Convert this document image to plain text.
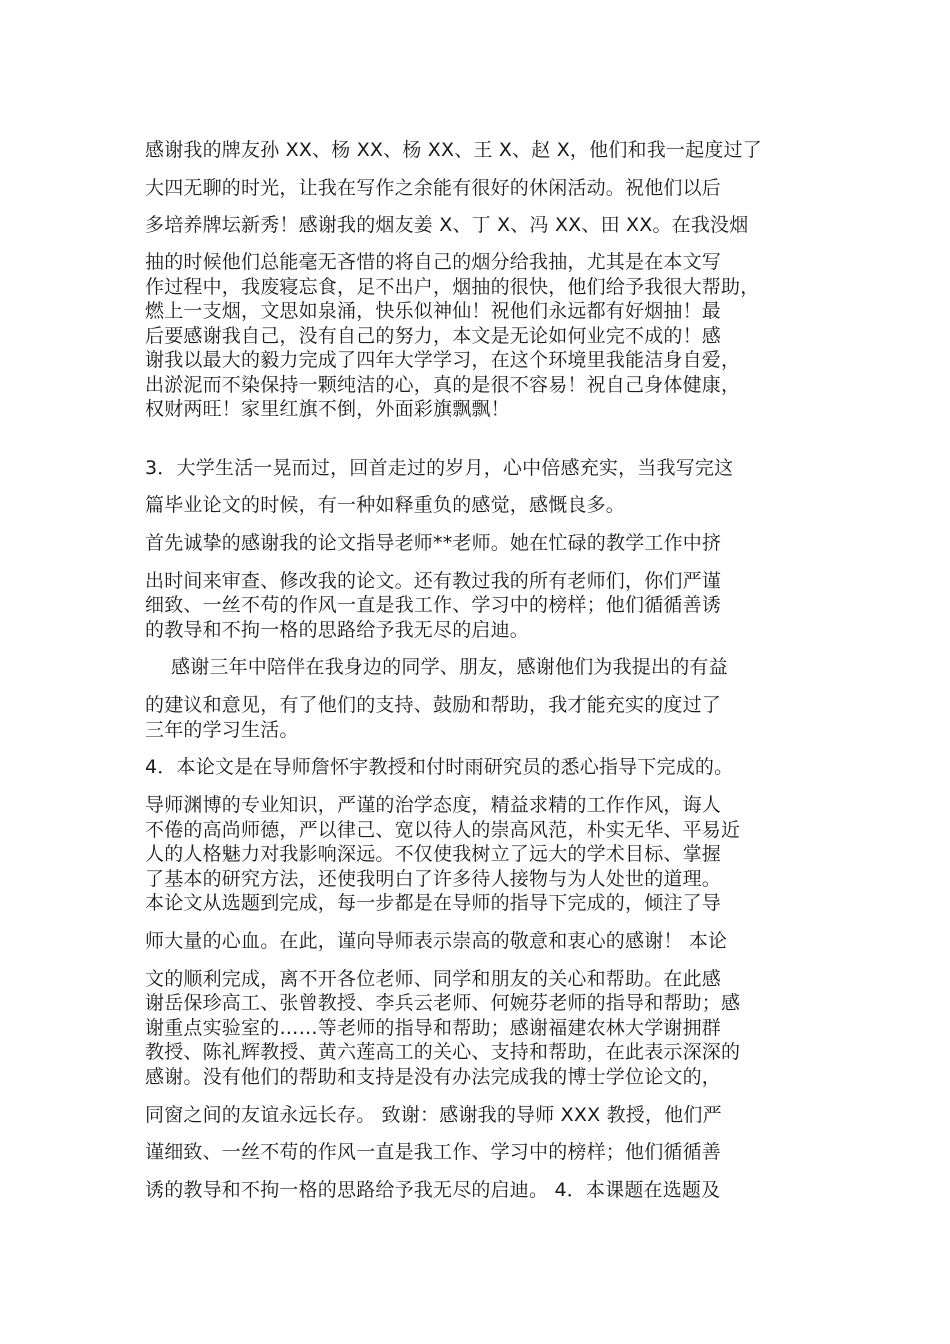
感谢我的牌友孙 XX、杨 XX、杨 XX、王 X、赵 X，他们和我一起度过了
大四无聊的时光，让我在写作之余能有很好的休闲活动。祝他们以后
多培养牌坛新秀！感谢我的烟友姜 X、丁 X、冯 XX、田 XX。在我没烟
抽的时候他们总能毫无吝惜的将自己的烟分给我抽，尤其是在本文写
作过程中，我废寝忘食，足不出户，烟抽的很快，他们给予我很大帮助，
燃上一支烟，文思如泉涌，快乐似神仙！祝他们永远都有好烟抽！最
后要感谢我自己，没有自己的努力，本文是无论如何业完不成的！感
谢我以最大的毅力完成了四年大学学习，在这个环境里我能洁身自爱，
出淤泥而不染保持一颗纯洁的心，真的是很不容易！祝自己身体健康，
权财两旺！家里红旗不倒，外面彩旗飘飘！
3．大学生活一晃而过，回首走过的岁月，心中倍感充实，当我写完这
篇毕业论文的时候，有一种如释重负的感觉，感慨良多。
首先诚挚的感谢我的论文指导老师**老师。她在忙碌的教学工作中挤
出时间来审查、修改我的论文。还有教过我的所有老师们，你们严谨
细致、一丝不苟的作风一直是我工作、学习中的榜样；他们循循善诱
的教导和不拘一格的思路给予我无尽的启迪。
感谢三年中陪伴在我身边的同学、朋友，感谢他们为我提出的有益
的建议和意见，有了他们的支持、鼓励和帮助，我才能充实的度过了
三年的学习生活。
4．本论文是在导师詹怀宇教授和付时雨研究员的悉心指导下完成的。
导师渊博的专业知识，严谨的治学态度，精益求精的工作作风，诲人
不倦的高尚师德，严以律己、宽以待人的崇高风范，朴实无华、平易近
人的人格魅力对我影响深远。不仅使我树立了远大的学术目标、掌握
了基本的研究方法，还使我明白了许多待人接物与为人处世的道理。
本论文从选题到完成，每一步都是在导师的指导下完成的，倾注了导
师大量的心血。在此，谨向导师表示崇高的敬意和衷心的感谢！ 本论
文的顺利完成，离不开各位老师、同学和朋友的关心和帮助。在此感
谢岳保珍高工、张曾教授、李兵云老师、何婉芬老师的指导和帮助；感
谢重点实验室的……等老师的指导和帮助；感谢福建农林大学谢拥群
教授、陈礼辉教授、黄六莲高工的关心、支持和帮助，在此表示深深的
感谢。没有他们的帮助和支持是没有办法完成我的博士学位论文的，
同窗之间的友谊永远长存。 致谢：感谢我的导师 XXX 教授，他们严
谨细致、一丝不苟的作风一直是我工作、学习中的榜样；他们循循善
诱的教导和不拘一格的思路给予我无尽的启迪。 4．本课题在选题及
